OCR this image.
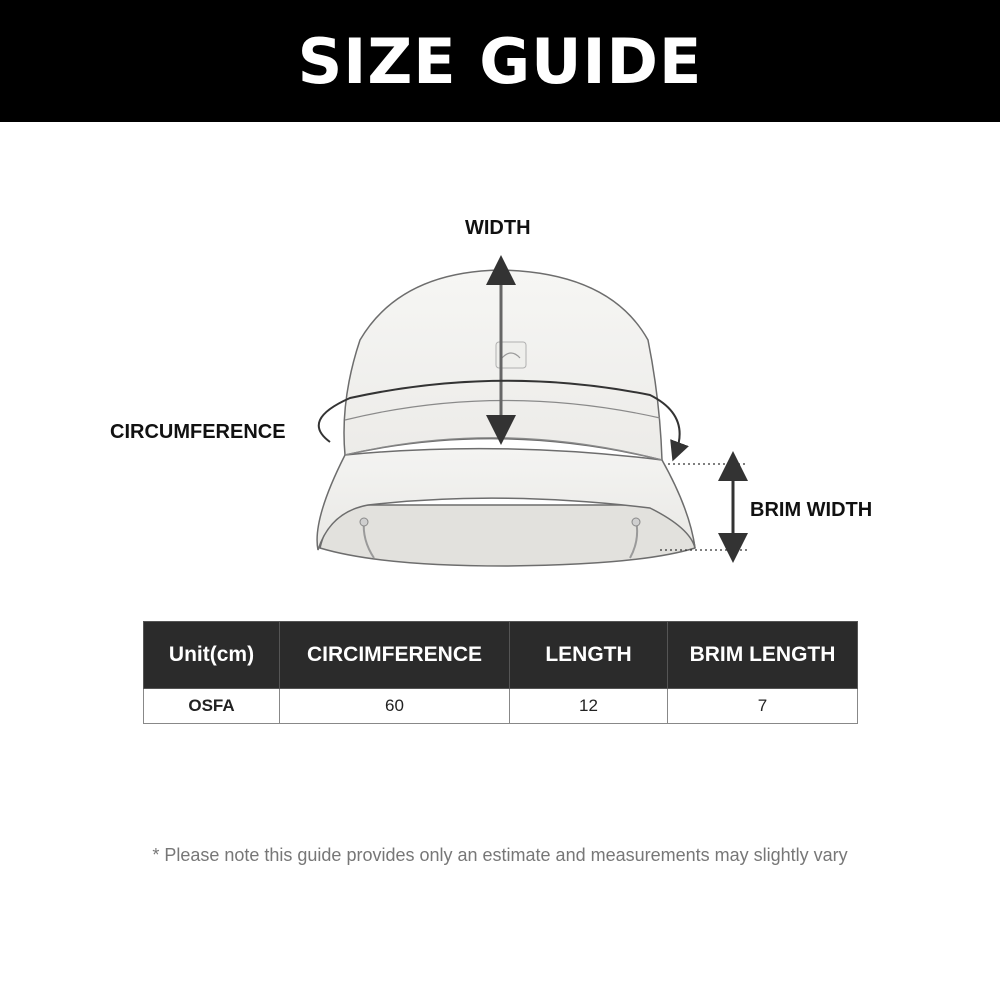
SIZE GUIDE
WIDTH
CIRCUMFERENCE
BRIM WIDTH
Unit(cm)	CIRCIMFERENCE	LENGTH	BRIM LENGTH
OSFA	60	12	7
* Please note this guide provides only an estimate and measurements may slightly vary
